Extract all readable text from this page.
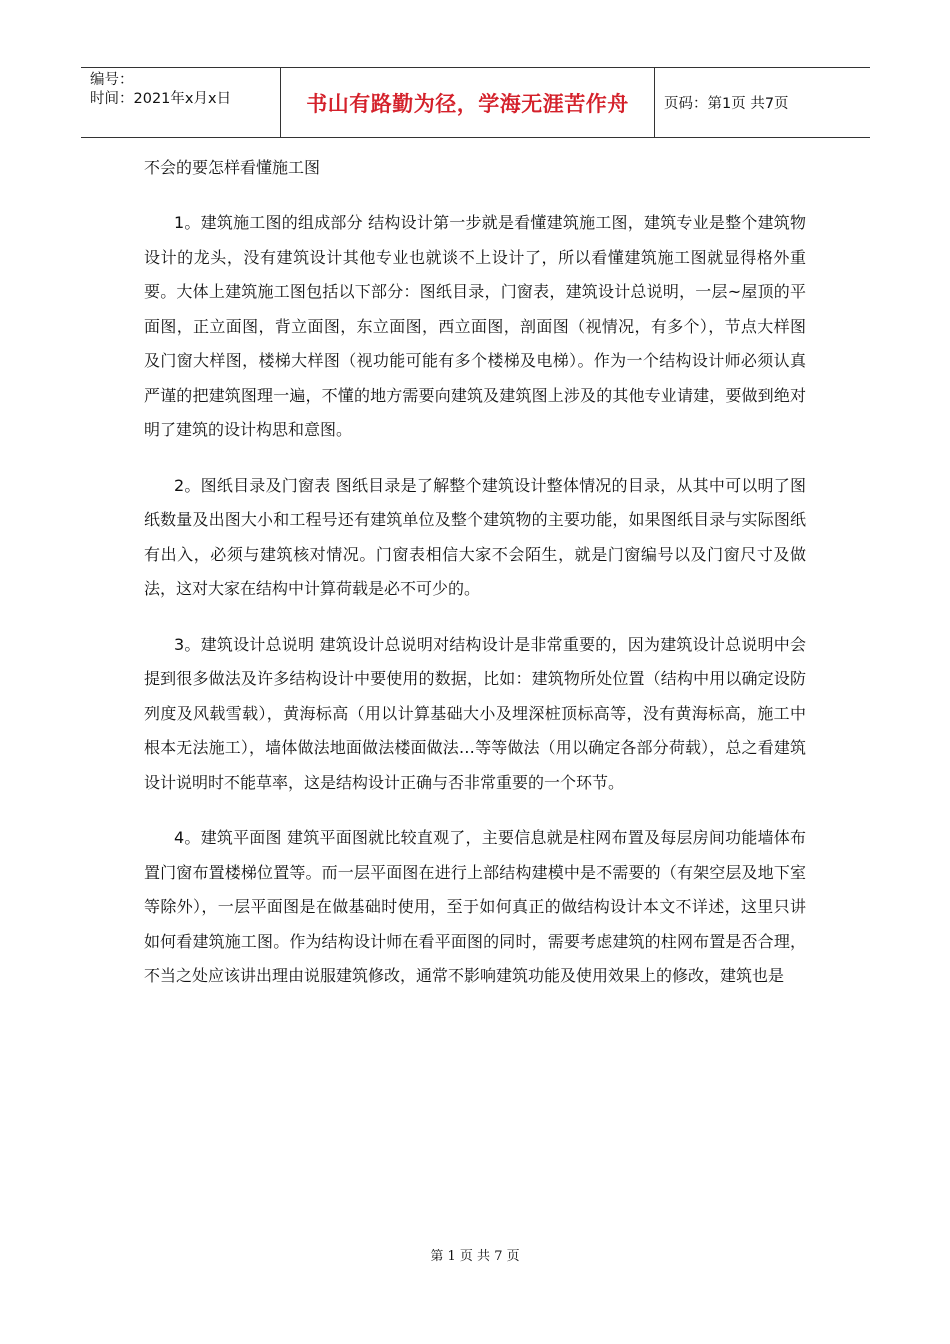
编号：
时间：2021年x月x日	书山有路勤为径，学海无涯苦作舟 页码：第1页 共7页

不会的要怎样看懂施工图

1。建筑施工图的组成部分 结构设计第一步就是看懂建筑施工图，建筑专业是整个建筑物设计的龙头，没有建筑设计其他专业也就谈不上设计了，所以看懂建筑施工图就显得格外重要。大体上建筑施工图包括以下部分：图纸目录，门窗表，建筑设计总说明，一层~屋顶的平面图，正立面图，背立面图，东立面图，西立面图，剖面图（视情况，有多个），节点大样图及门窗大样图，楼梯大样图（视功能可能有多个楼梯及电梯）。作为一个结构设计师必须认真严谨的把建筑图理一遍，不懂的地方需要向建筑及建筑图上涉及的其他专业请建，要做到绝对明了建筑的设计构思和意图。

2。图纸目录及门窗表 图纸目录是了解整个建筑设计整体情况的目录，从其中可以明了图纸数量及出图大小和工程号还有建筑单位及整个建筑物的主要功能，如果图纸目录与实际图纸有出入，必须与建筑核对情况。门窗表相信大家不会陌生，就是门窗编号以及门窗尺寸及做法，这对大家在结构中计算荷载是必不可少的。

3。建筑设计总说明 建筑设计总说明对结构设计是非常重要的，因为建筑设计总说明中会提到很多做法及许多结构设计中要使用的数据，比如：建筑物所处位置（结构中用以确定设防列度及风载雪载），黄海标高（用以计算基础大小及埋深桩顶标高等，没有黄海标高，施工中根本无法施工），墙体做法地面做法楼面做法…等等做法（用以确定各部分荷载），总之看建筑设计说明时不能草率，这是结构设计正确与否非常重要的一个环节。

4。建筑平面图 建筑平面图就比较直观了，主要信息就是柱网布置及每层房间功能墙体布置门窗布置楼梯位置等。而一层平面图在进行上部结构建模中是不需要的（有架空层及地下室等除外），一层平面图是在做基础时使用，至于如何真正的做结构设计本文不详述，这里只讲如何看建筑施工图。作为结构设计师在看平面图的同时，需要考虑建筑的柱网布置是否合理，不当之处应该讲出理由说服建筑修改，通常不影响建筑功能及使用效果上的修改，建筑也是

第 1 页 共 7 页
